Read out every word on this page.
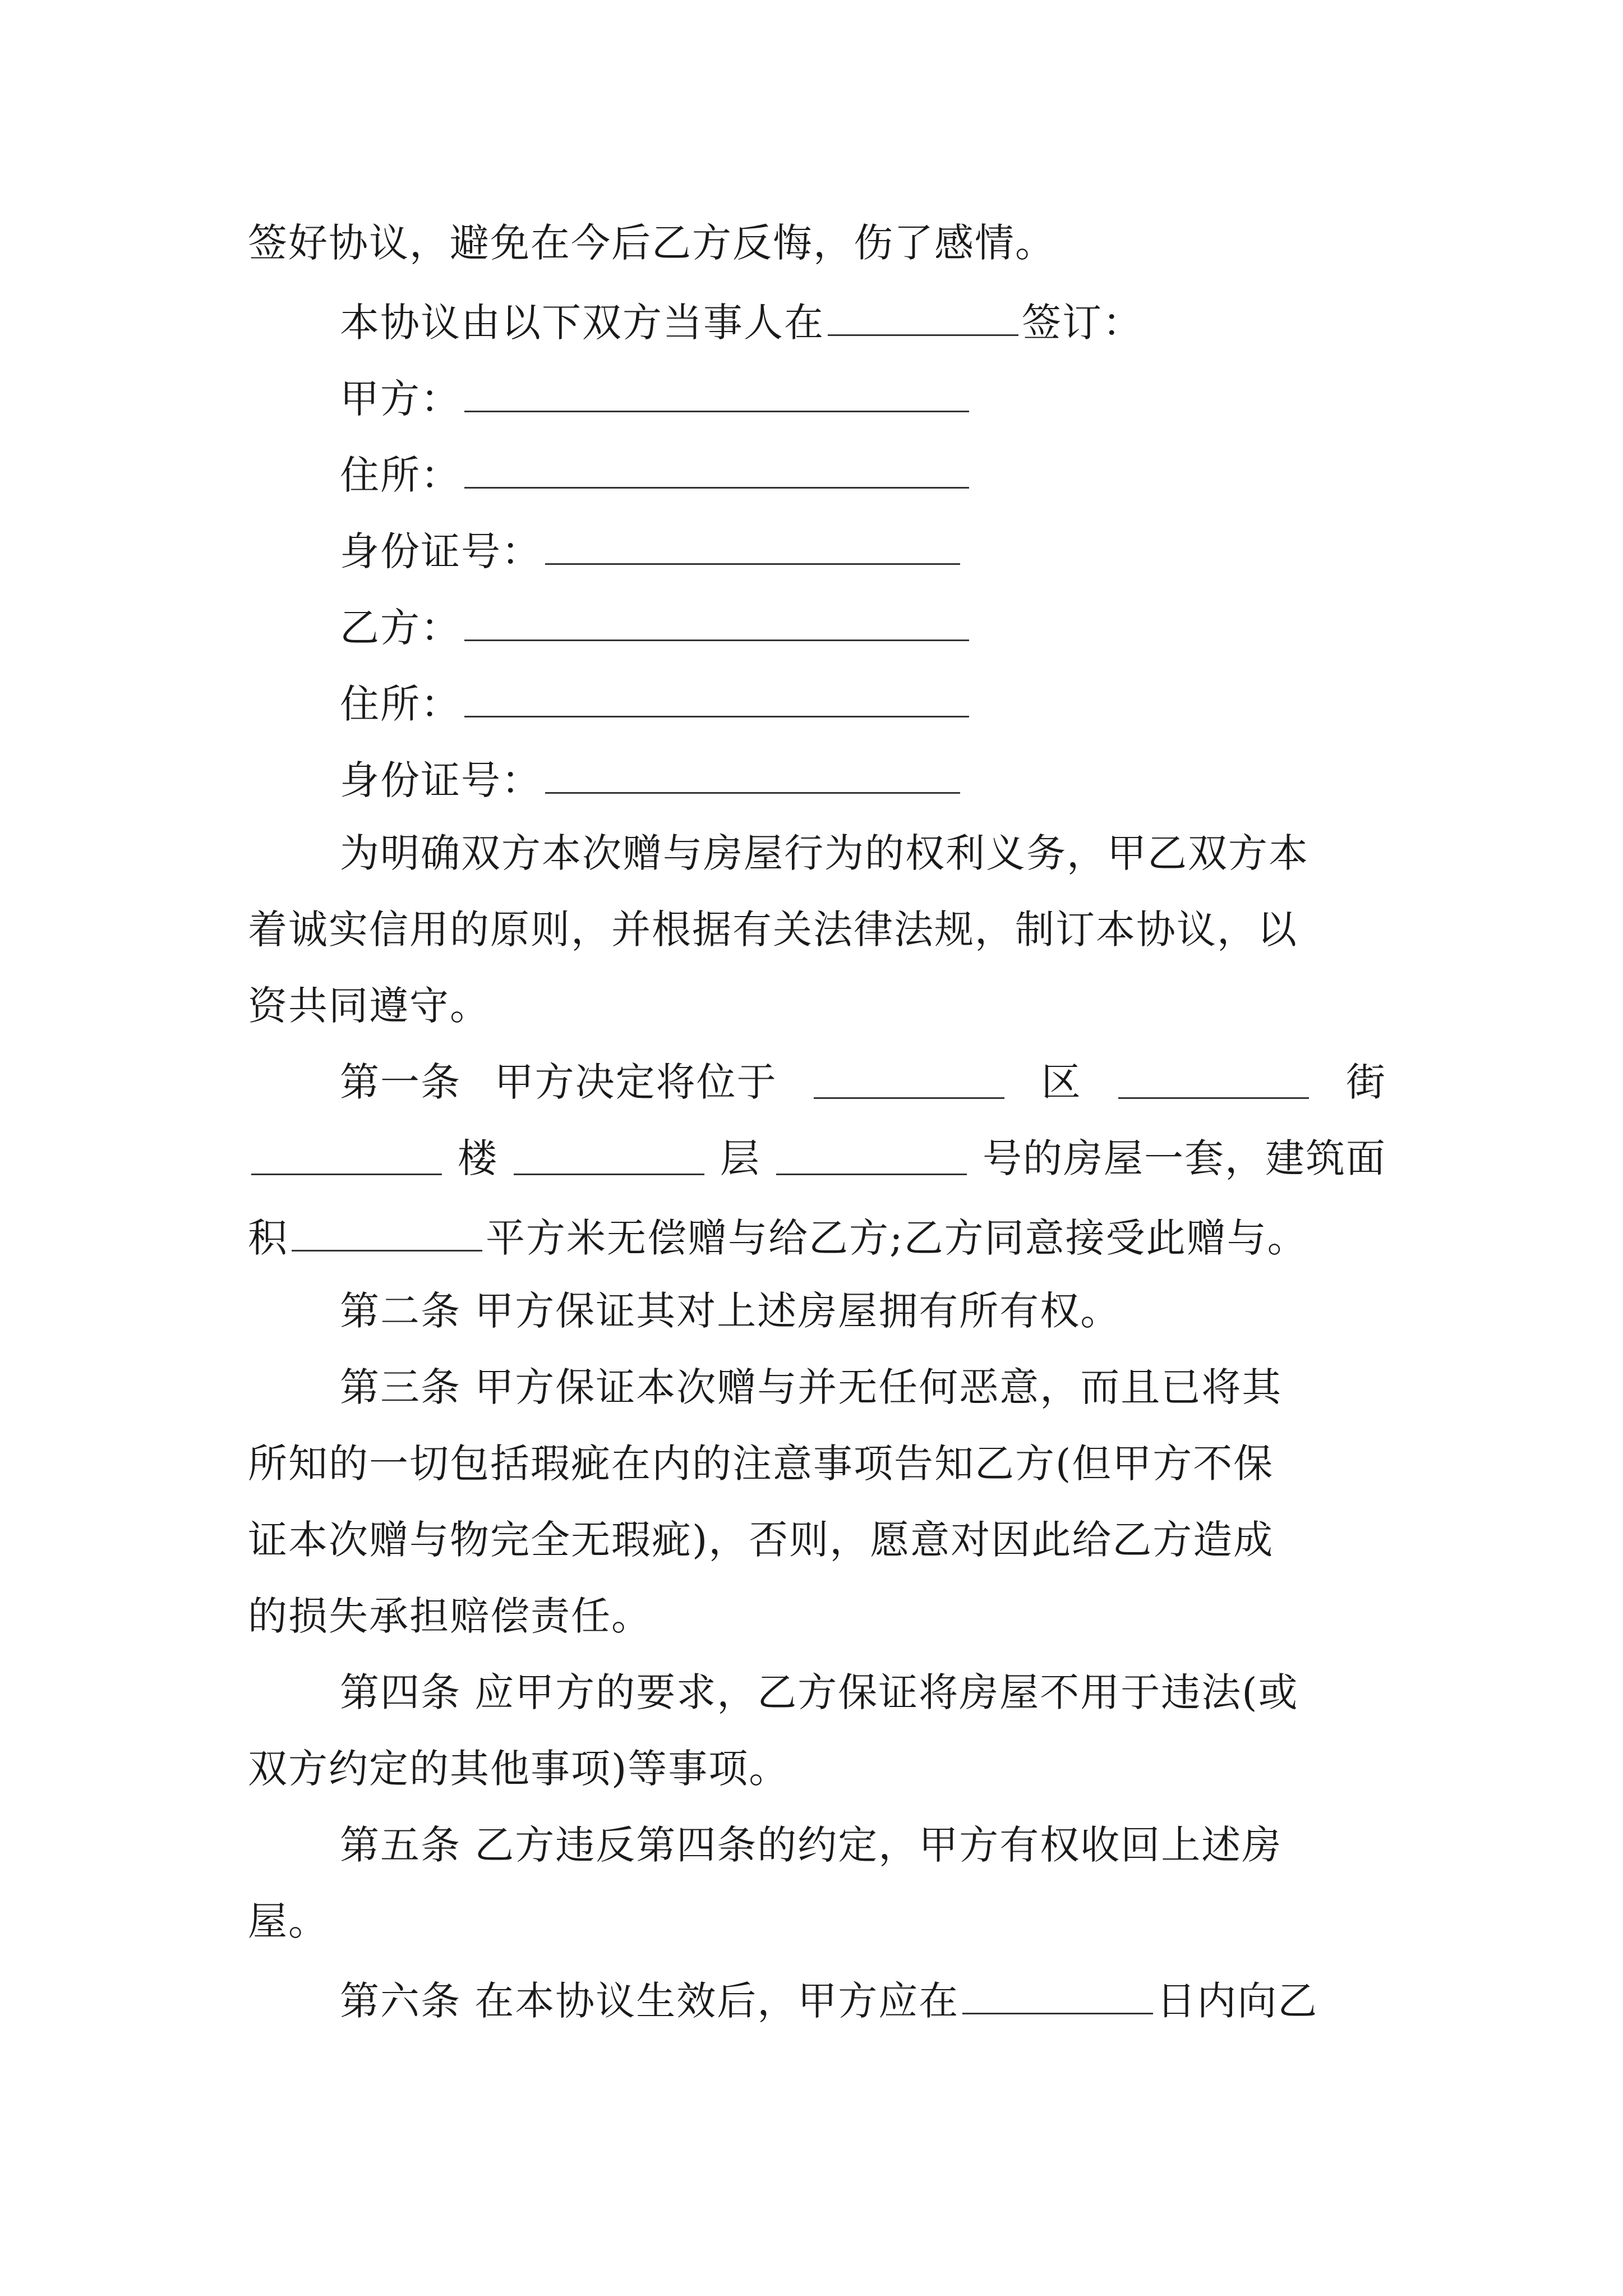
签好协议，避免在今后乙方反悔，伤了感情。
本协议由以下双方当事人在	签订：
甲方：
住所：
身份证号：
乙方：
住所：
身份证号：
为明确双方本次赠与房屋行为的权利义务，甲乙双方本
着诚实信用的原则，并根据有关法律法规，制订本协议，以
资共同遵守。
第一条 甲方决定将位于	区	街
楼	层	号的房屋一套，建筑面
积	平方米无偿赠与给乙方;乙方同意接受此赠与。
第二条 甲方保证其对上述房屋拥有所有权。
第三条 甲方保证本次赠与并无任何恶意，而且已将其
所知的一切包括瑕疵在内的注意事项告知乙方(但甲方不保
证本次赠与物完全无瑕疵)，否则，愿意对因此给乙方造成
的损失承担赔偿责任。
第四条 应甲方的要求，乙方保证将房屋不用于违法(或
双方约定的其他事项)等事项。
第五条 乙方违反第四条的约定，甲方有权收回上述房
屋。
第六条 在本协议生效后，甲方应在	日内向乙
